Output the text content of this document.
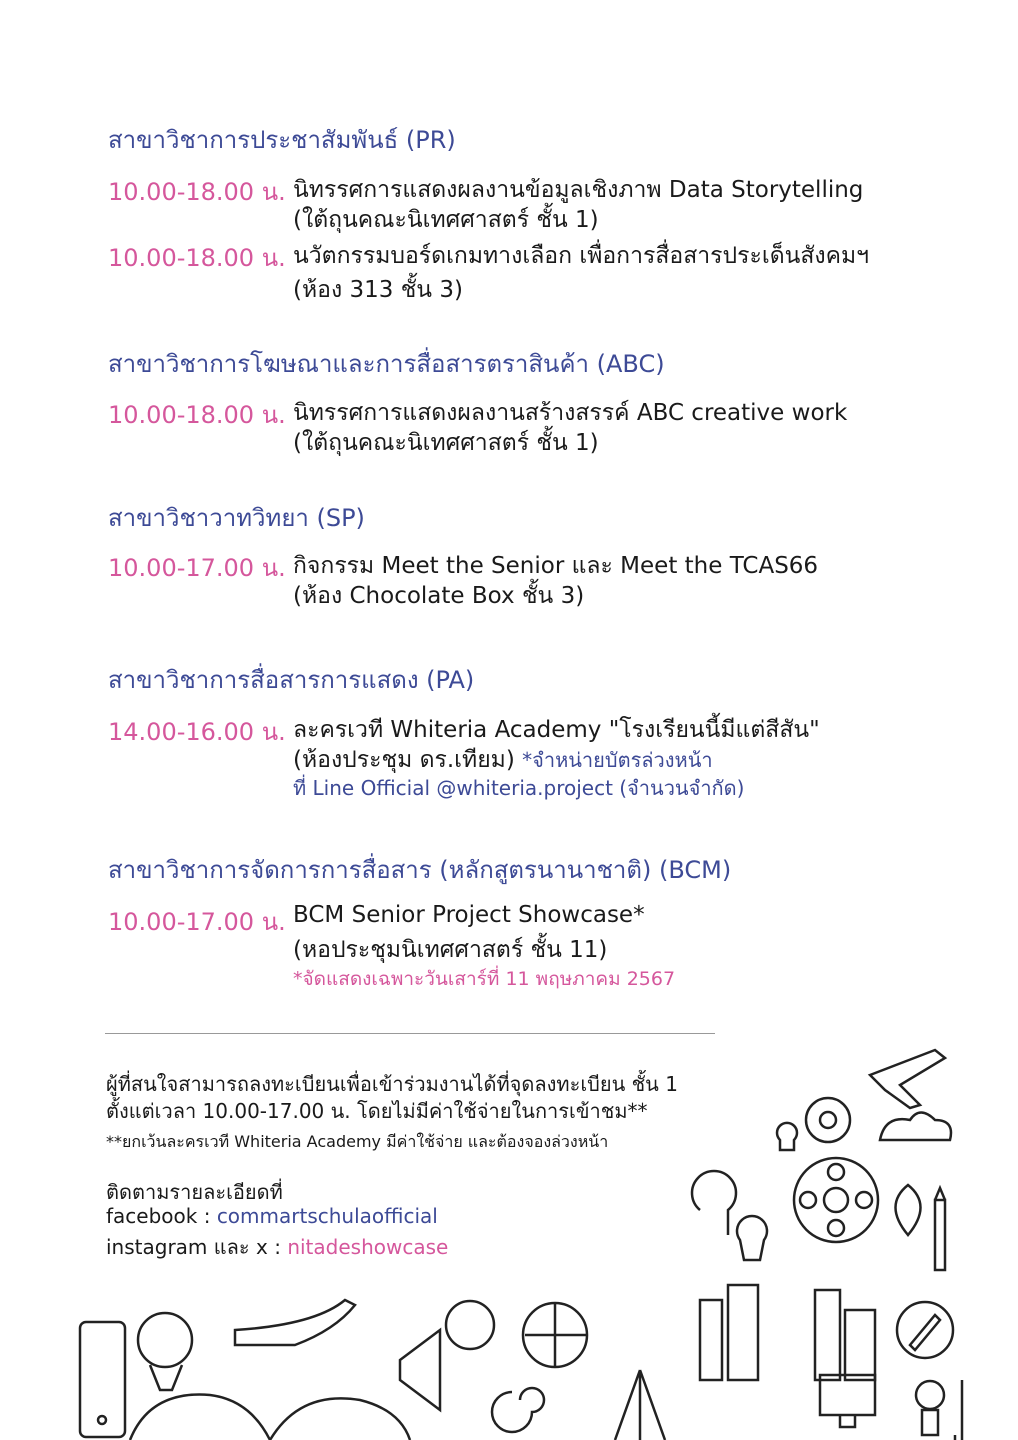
สาขาวิชาการประชาสัมพันธ์ (PR)
10.00-18.00 น. นิทรรศการแสดงผลงานข้อมูลเชิงภาพ Data Storytelling
(ใต้ถุนคณะนิเทศศาสตร์ ชั้น 1)
10.00-18.00 น. นวัตกรรมบอร์ดเกมทางเลือก เพื่อการสื่อสารประเด็นสังคมฯ
(ห้อง 313 ชั้น 3)
สาขาวิชาการโฆษณาและการสื่อสารตราสินค้า (ABC)
10.00-18.00 น. นิทรรศการแสดงผลงานสร้างสรรค์ ABC creative work
(ใต้ถุนคณะนิเทศศาสตร์ ชั้น 1)
สาขาวิชาวาทวิทยา (SP)
10.00-17.00 น. กิจกรรม Meet the Senior และ Meet the TCAS66
(ห้อง Chocolate Box ชั้น 3)
สาขาวิชาการสื่อสารการแสดง (PA)
14.00-16.00 น. ละครเวที Whiteria Academy "โรงเรียนนี้มีแต่สีสัน"
(ห้องประชุม ดร.เทียม) *จำหน่ายบัตรล่วงหน้า
ที่ Line Official @whiteria.project (จำนวนจำกัด)
สาขาวิชาการจัดการการสื่อสาร (หลักสูตรนานาชาติ) (BCM)
10.00-17.00 น. BCM Senior Project Showcase*
(หอประชุมนิเทศศาสตร์ ชั้น 11)
*จัดแสดงเฉพาะวันเสาร์ที่ 11 พฤษภาคม 2567
ผู้ที่สนใจสามารถลงทะเบียนเพื่อเข้าร่วมงานได้ที่จุดลงทะเบียน ชั้น 1
ตั้งแต่เวลา 10.00-17.00 น. โดยไม่มีค่าใช้จ่ายในการเข้าชม**
**ยกเว้นละครเวที Whiteria Academy มีค่าใช้จ่าย และต้องจองล่วงหน้า
ติดตามรายละเอียดที่
facebook : commartschulaofficial
instagram และ x : nitadeshowcase
